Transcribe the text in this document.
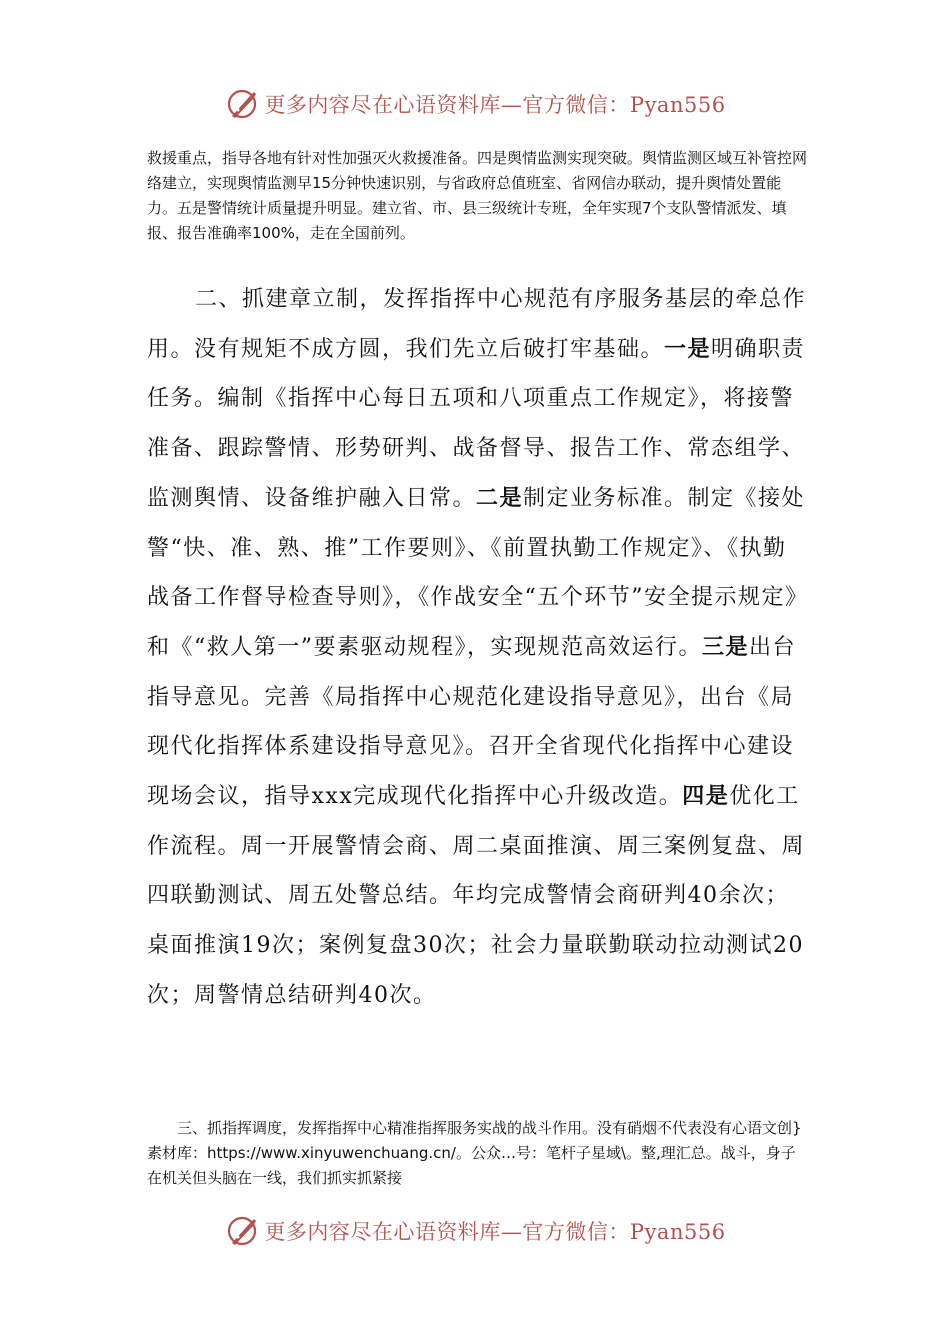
更多内容尽在心语资料库—官方微信：Pyan556

救援重点，指导各地有针对性加强灭火救援准备。四是舆情监测实现突破。舆情监测区域互补管控网络建立，实现舆情监测早15分钟快速识别，与省政府总值班室、省网信办联动，提升舆情处置能力。五是警情统计质量提升明显。建立省、市、县三级统计专班，全年实现7个支队警情派发、填报、报告准确率100%，走在全国前列。

二、抓建章立制，发挥指挥中心规范有序服务基层的牵总作用。没有规矩不成方圆，我们先立后破打牢基础。一是明确职责任务。编制《指挥中心每日五项和八项重点工作规定》，将接警准备、跟踪警情、形势研判、战备督导、报告工作、常态组学、监测舆情、设备维护融入日常。二是制定业务标准。制定《接处警“快、准、熟、推”工作要则》、《前置执勤工作规定》、《执勤战备工作督导检查导则》，《作战安全“五个环节”安全提示规定》和《“救人第一”要素驱动规程》，实现规范高效运行。三是出台指导意见。完善《局指挥中心规范化建设指导意见》，出台《局现代化指挥体系建设指导意见》。召开全省现代化指挥中心建设现场会议，指导xxx完成现代化指挥中心升级改造。四是优化工作流程。周一开展警情会商、周二桌面推演、周三案例复盘、周四联勤测试、周五处警总结。年均完成警情会商研判40余次；桌面推演19次；案例复盘30次；社会力量联勤联动拉动测试20次；周警情总结研判40次。

三、抓指挥调度，发挥指挥中心精准指挥服务实战的战斗作用。没有硝烟不代表没有心语文创}素材库：https://www.xinyuwenchuang.cn/。公众…号：笔杆子星域\。整,理汇总。战斗，身子在机关但头脑在一线，我们抓实抓紧接

更多内容尽在心语资料库—官方微信：Pyan556
